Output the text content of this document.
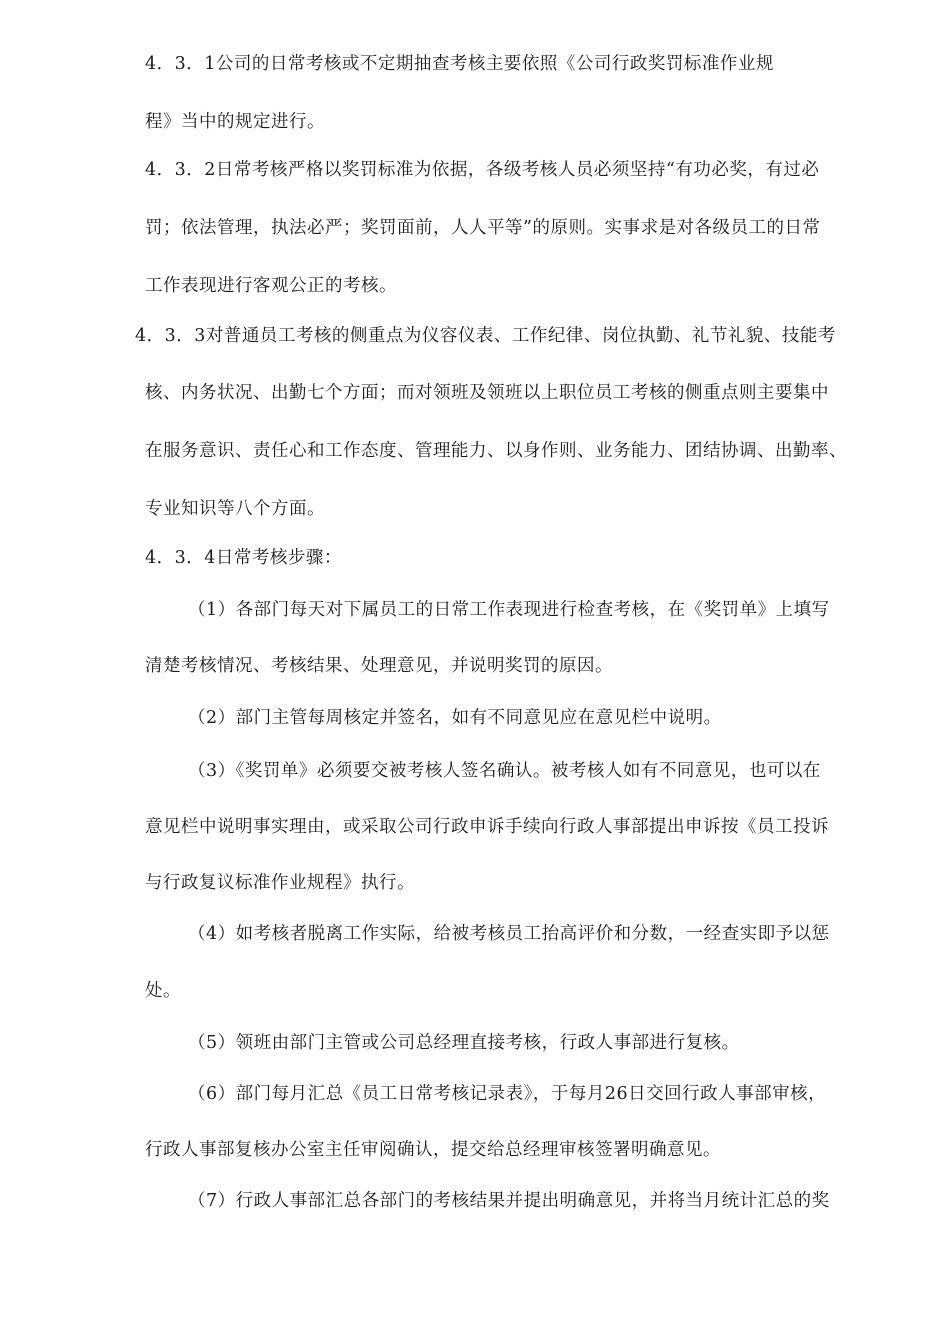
4．3．1公司的日常考核或不定期抽查考核主要依照《公司行政奖罚标准作业规
程》当中的规定进行。
4．3．2日常考核严格以奖罚标准为依据，各级考核人员必须坚持“有功必奖，有过必
罚；依法管理，执法必严；奖罚面前，人人平等”的原则。实事求是对各级员工的日常
工作表现进行客观公正的考核。
4．3．3对普通员工考核的侧重点为仪容仪表、工作纪律、岗位执勤、礼节礼貌、技能考
核、内务状况、出勤七个方面；而对领班及领班以上职位员工考核的侧重点则主要集中
在服务意识、责任心和工作态度、管理能力、以身作则、业务能力、团结协调、出勤率、
专业知识等八个方面。
4．3．4日常考核步骤：
（1）各部门每天对下属员工的日常工作表现进行检查考核，在《奖罚单》上填写
清楚考核情况、考核结果、处理意见，并说明奖罚的原因。
（2）部门主管每周核定并签名，如有不同意见应在意见栏中说明。
（3）《奖罚单》必须要交被考核人签名确认。被考核人如有不同意见，也可以在
意见栏中说明事实理由，或采取公司行政申诉手续向行政人事部提出申诉按《员工投诉
与行政复议标准作业规程》执行。
（4）如考核者脱离工作实际，给被考核员工抬高评价和分数，一经查实即予以惩
处。
（5）领班由部门主管或公司总经理直接考核，行政人事部进行复核。
（6）部门每月汇总《员工日常考核记录表》，于每月26日交回行政人事部审核，
行政人事部复核办公室主任审阅确认，提交给总经理审核签署明确意见。
（7）行政人事部汇总各部门的考核结果并提出明确意见，并将当月统计汇总的奖
